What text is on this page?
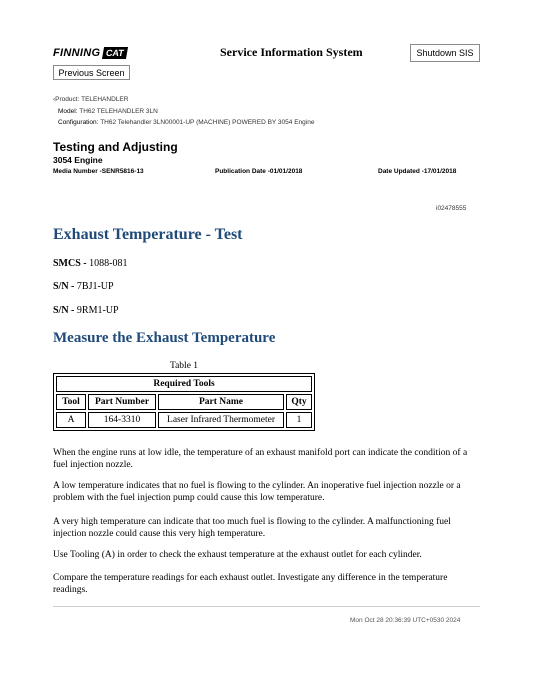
FINNING CAT	Service Information System	Shutdown SIS
Previous Screen
‹Product: TELEHANDLER
Model: TH62 TELEHANDLER 3LN
Configuration: TH62 Telehandler 3LN00001-UP (MACHINE) POWERED BY 3054 Engine
Testing and Adjusting
3054 Engine
Media Number -SENR5816-13	Publication Date -01/01/2018	Date Updated -17/01/2018
i02478555
Exhaust Temperature - Test
SMCS - 1088-081
S/N - 7BJ1-UP
S/N - 9RM1-UP
Measure the Exhaust Temperature
Table 1
Required Tools			
Tool	Part Number	Part Name	Qty
A	164-3310	Laser Infrared Thermometer	1
When the engine runs at low idle, the temperature of an exhaust manifold port can indicate the condition of a fuel injection nozzle.
A low temperature indicates that no fuel is flowing to the cylinder. An inoperative fuel injection nozzle or a problem with the fuel injection pump could cause this low temperature.
A very high temperature can indicate that too much fuel is flowing to the cylinder. A malfunctioning fuel injection nozzle could cause this very high temperature.
Use Tooling (A) in order to check the exhaust temperature at the exhaust outlet for each cylinder.
Compare the temperature readings for each exhaust outlet. Investigate any difference in the temperature readings.
Mon Oct 28 20:36:39 UTC+0530 2024
